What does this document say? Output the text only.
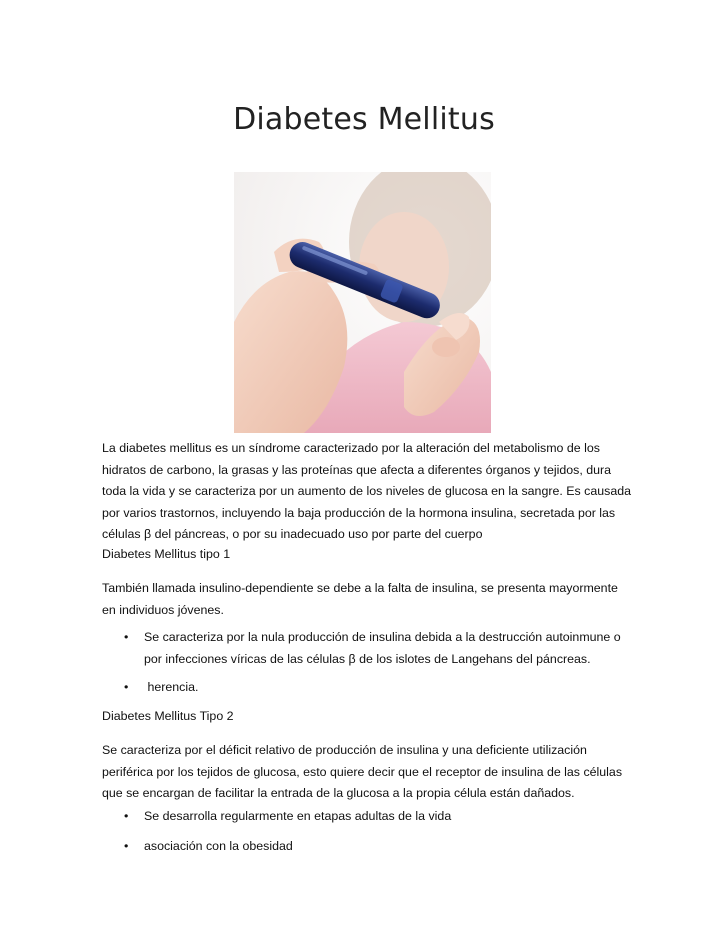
Diabetes Mellitus
La diabetes mellitus es un síndrome caracterizado por la alteración del metabolismo de los hidratos de carbono, la grasas y las proteínas que afecta a diferentes órganos y tejidos, dura toda la vida y se caracteriza por un aumento de los niveles de glucosa en la sangre. Es causada por varios trastornos, incluyendo la baja producción de la hormona insulina, secretada por las células β del páncreas, o por su inadecuado uso por parte del cuerpo
Diabetes Mellitus tipo 1
También llamada insulino-dependiente se debe a la falta de insulina, se presenta mayormente en individuos jóvenes.
• Se caracteriza por la nula producción de insulina debida a la destrucción autoinmune o por infecciones víricas de las células β de los islotes de Langehans del páncreas.
• herencia.
Diabetes Mellitus Tipo 2
Se caracteriza por el déficit relativo de producción de insulina y una deficiente utilización periférica por los tejidos de glucosa, esto quiere decir que el receptor de insulina de las células que se encargan de facilitar la entrada de la glucosa a la propia célula están dañados.
• Se desarrolla regularmente en etapas adultas de la vida
• asociación con la obesidad
